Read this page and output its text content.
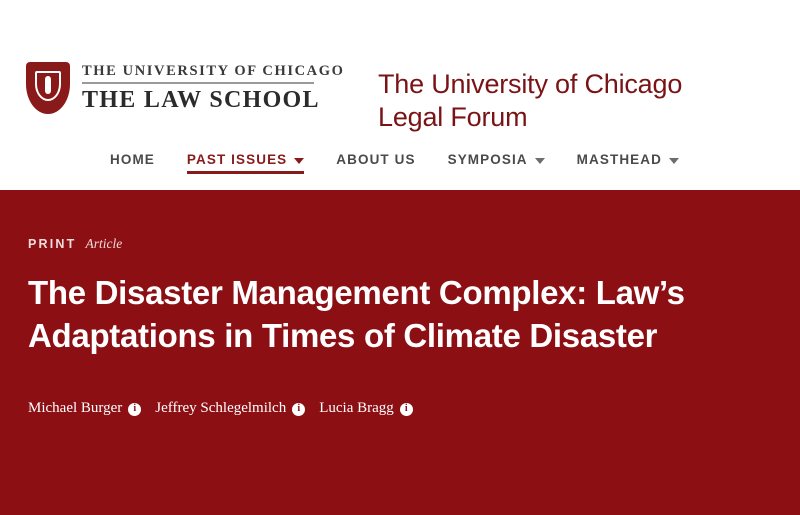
THE UNIVERSITY OF CHICAGO
THE LAW SCHOOL
The University of Chicago
Legal Forum
HOME PAST ISSUES	ABOUT US SYMPOSIA	MASTHEAD
PRINT Article
The Disaster Management Complex: Law’s Adaptations in Times of Climate Disaster
Michael Burger	i	Jeffrey Schlegelmilch	i	Lucia Bragg	i
